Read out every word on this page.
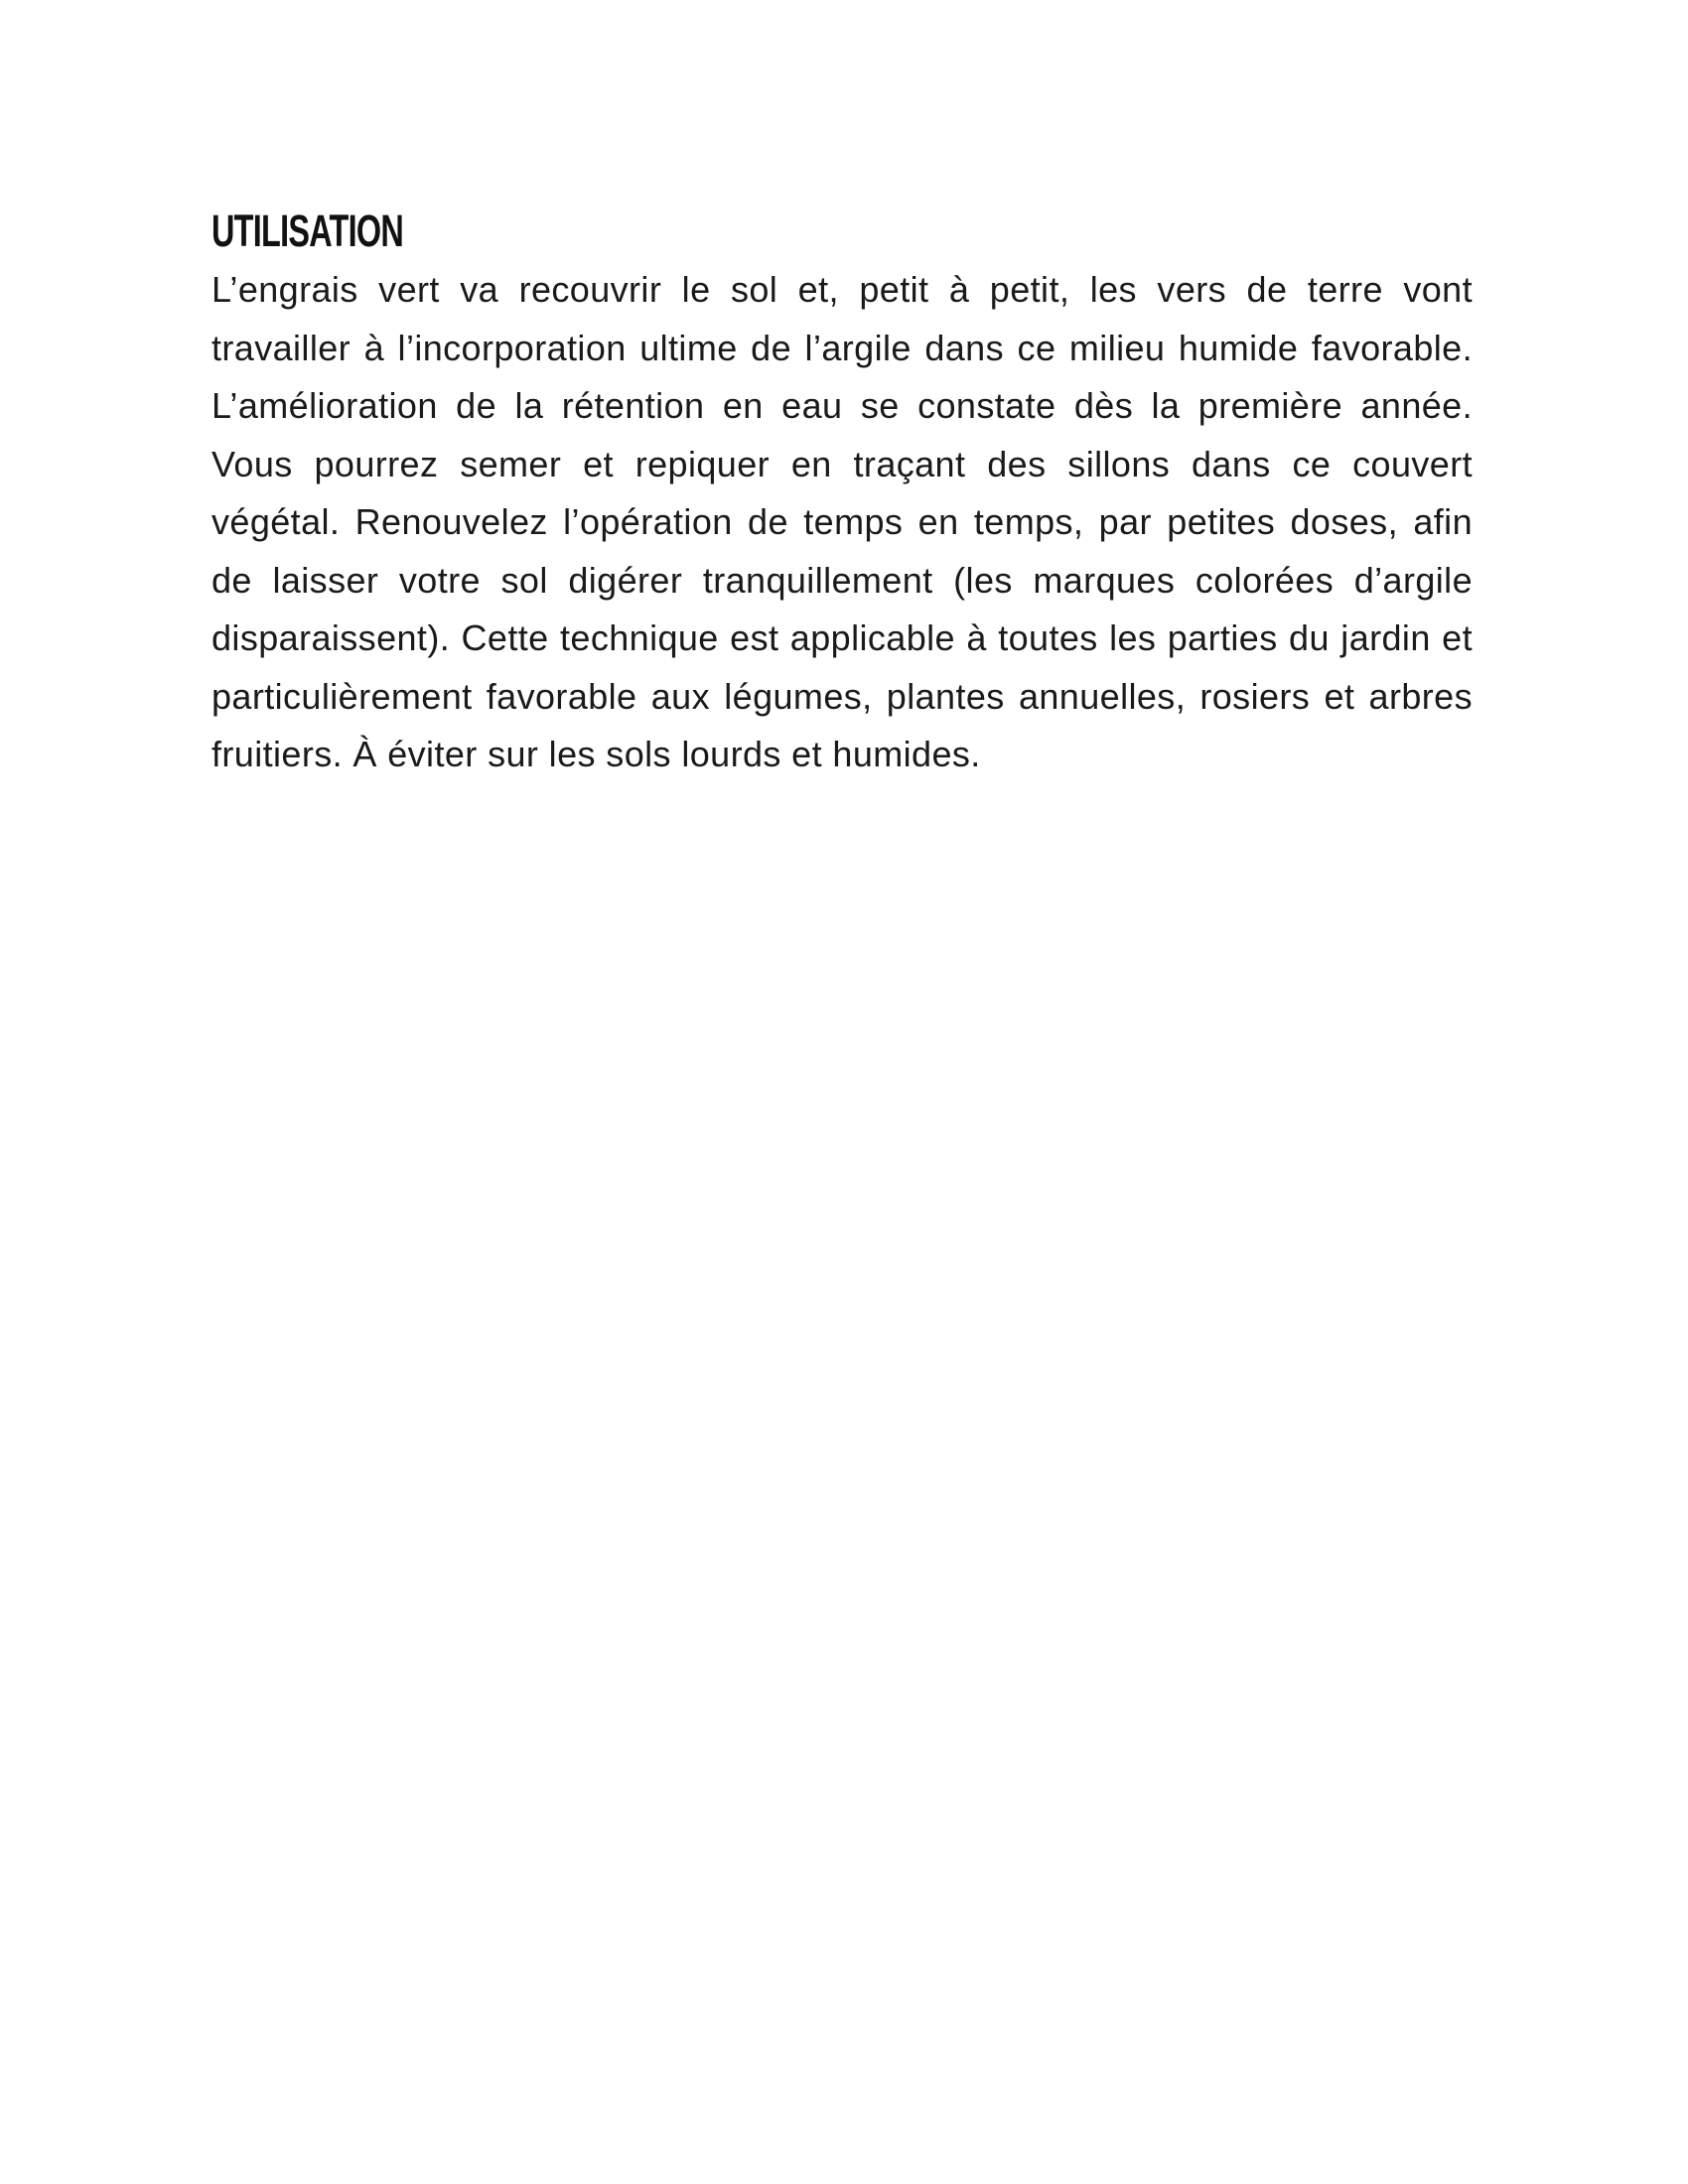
UTILISATION

L’engrais vert va recouvrir le sol et, petit à petit, les vers de terre vont travailler à l’incorporation ultime de l’argile dans ce milieu humide favorable. L’amélioration de la rétention en eau se constate dès la première année. Vous pourrez semer et repiquer en traçant des sillons dans ce couvert végétal. Renouvelez l’opération de temps en temps, par petites doses, afin de laisser votre sol digérer tranquillement (les marques colorées d’argile disparaissent). Cette technique est applicable à toutes les parties du jardin et particulièrement favorable aux légumes, plantes annuelles, rosiers et arbres fruitiers. À éviter sur les sols lourds et humides.
